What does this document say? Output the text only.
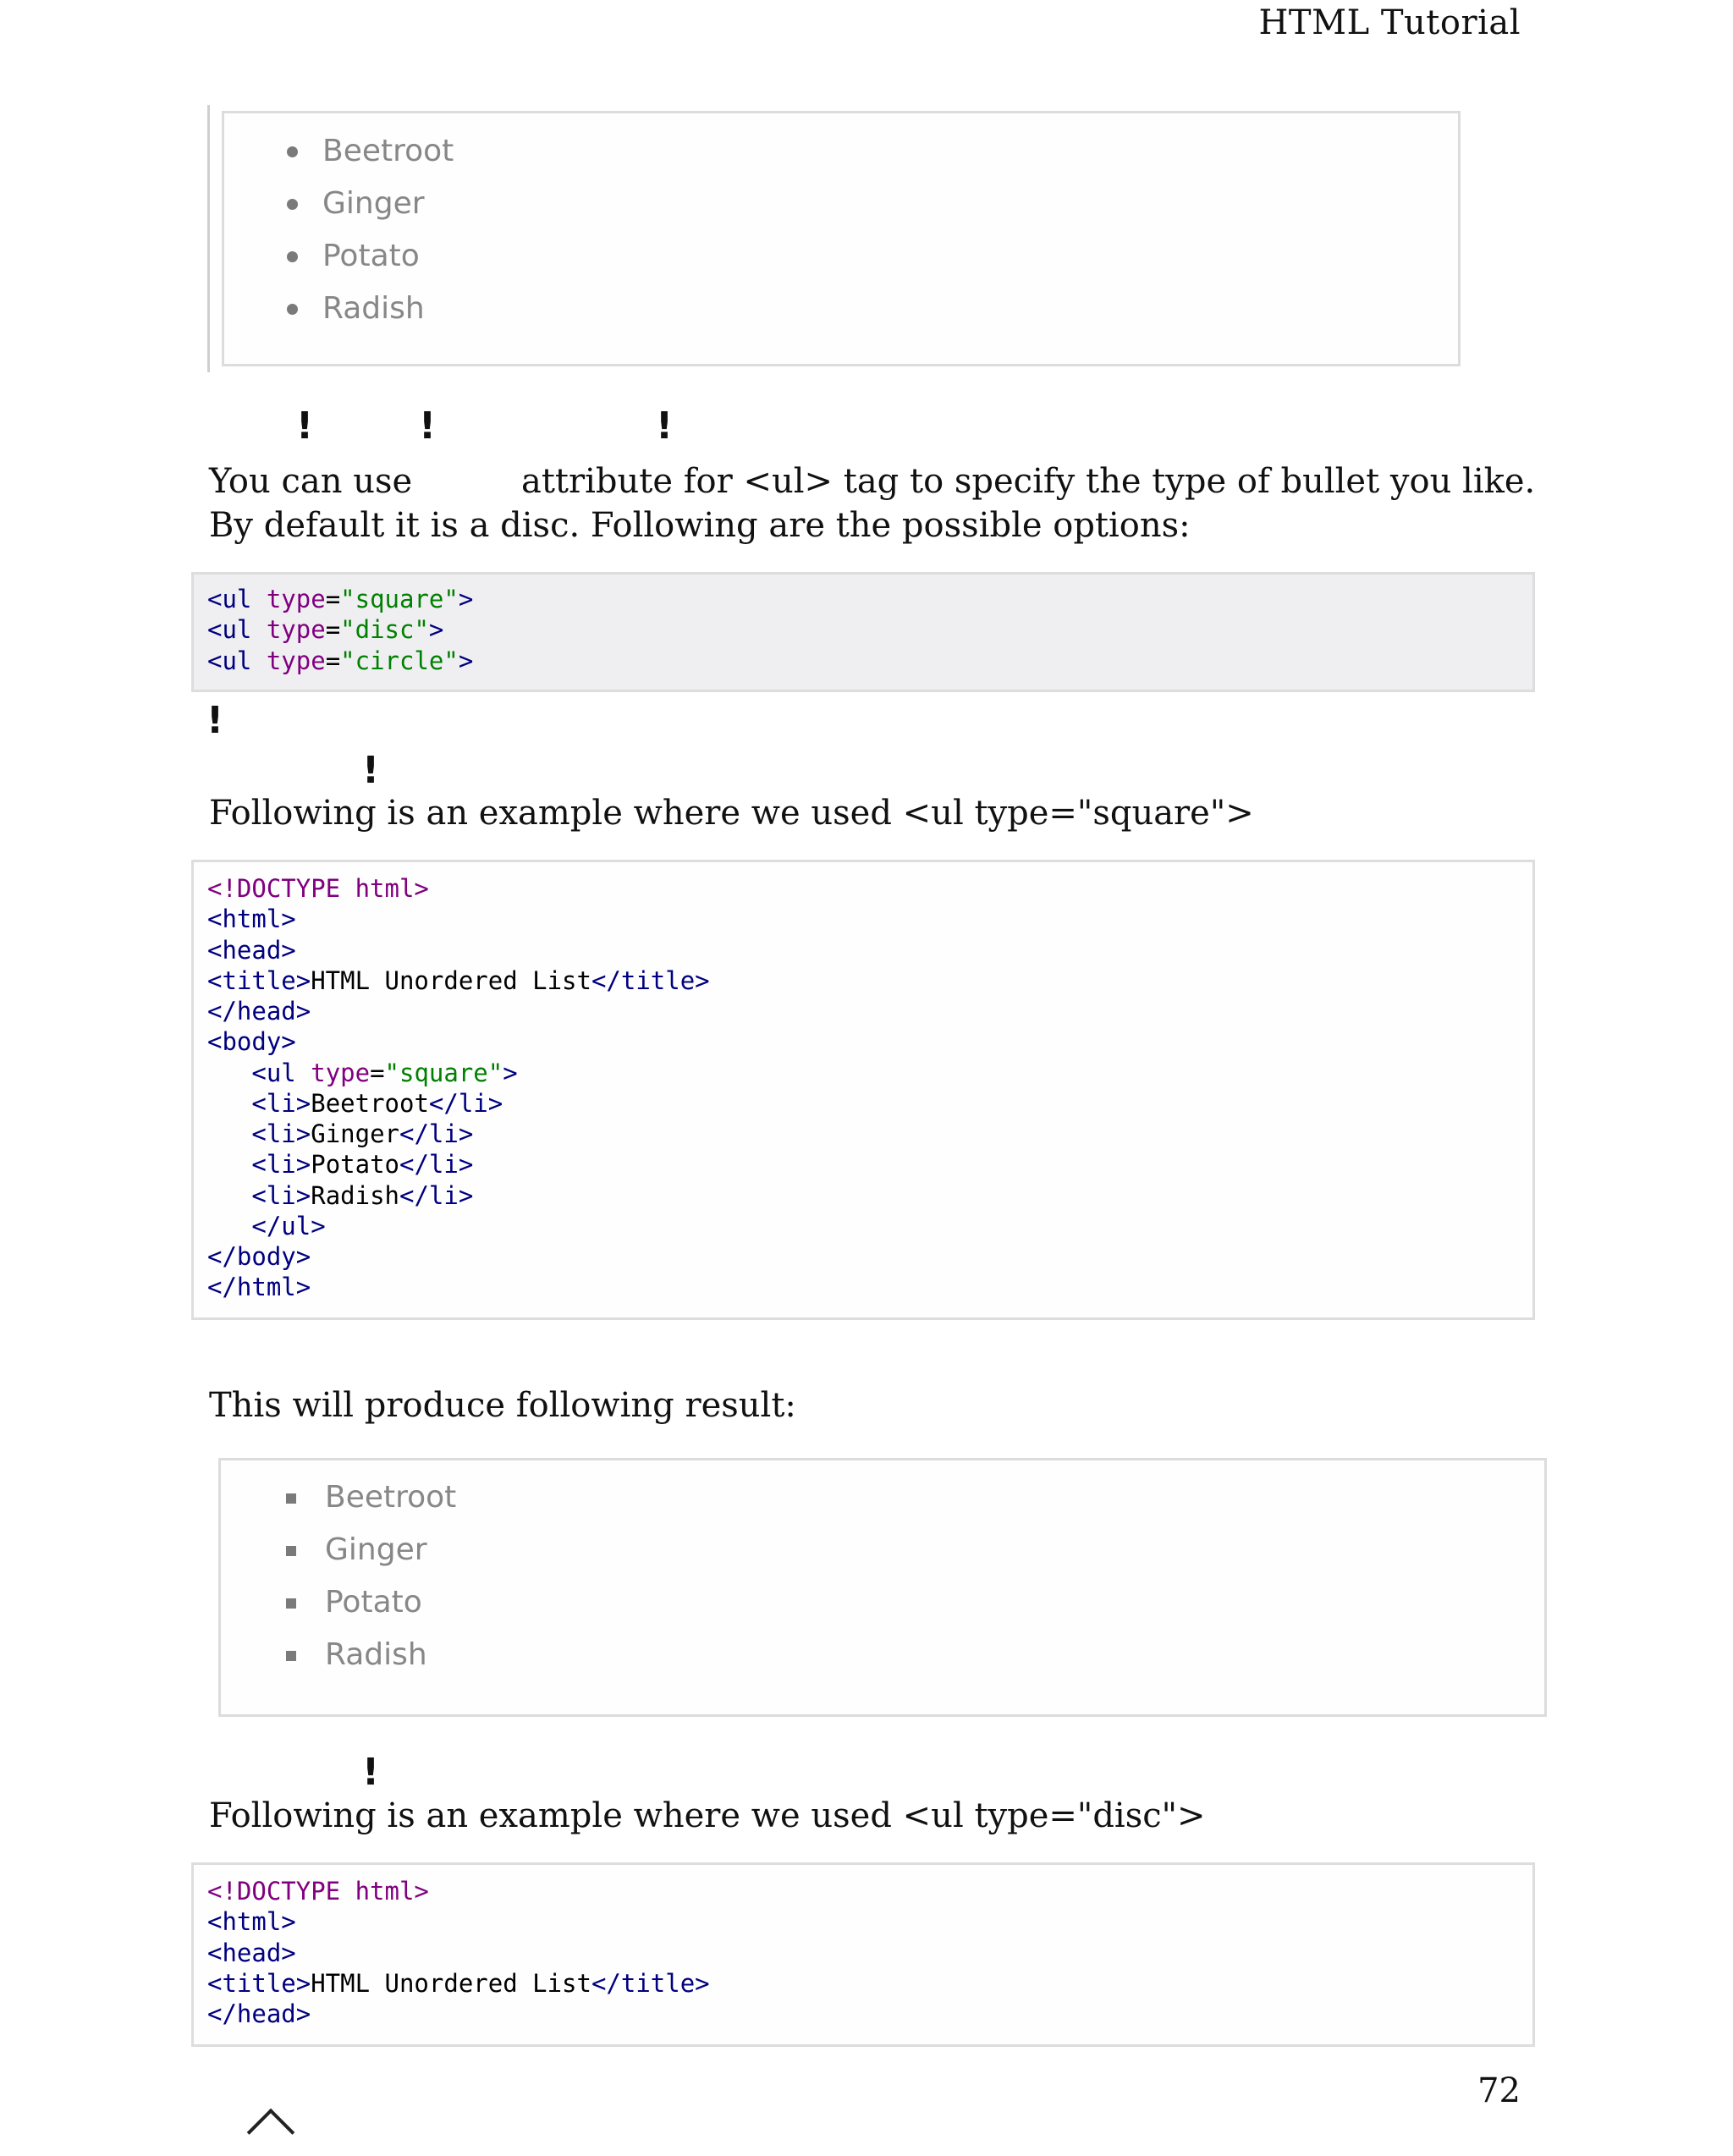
HTML Tutorial
Beetroot
Ginger
Potato
Radish
!	!	!
You can use	attribute for <ul> tag to specify the type of bullet you like.
By default it is a disc. Following are the possible options:
<ul type="square">
<ul type="disc">
<ul type="circle">
!
!
Following is an example where we used <ul type="square">
<!DOCTYPE html>
<html>
<head>
<title>HTML Unordered List</title>
</head>
<body>
<ul type="square">
<li>Beetroot</li>
<li>Ginger</li>
<li>Potato</li>
<li>Radish</li>
</ul>
</body>
</html>
This will produce following result:
Beetroot
Ginger
Potato
Radish
!
Following is an example where we used <ul type="disc">
<!DOCTYPE html>
<html>
<head>
<title>HTML Unordered List</title>
</head>
72
